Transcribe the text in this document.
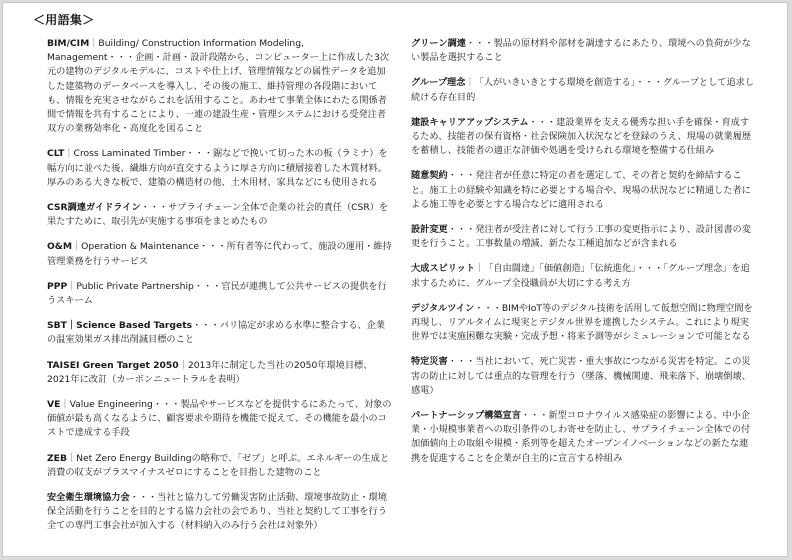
＜用語集＞
BIM/CIM｜Building/ Construction Information Modeling, Management・・・企画・計画・設計段階から、コンピューター上に作成した3次元の建物のデジタルモデルに、コストや仕上げ、管理情報などの属性データを追加した建築物のデータベースを導入し、その後の施工、維持管理の各段階においても、情報を充実させながらこれを活用すること。あわせて事業全体にわたる関係者間で情報を共有することにより、一連の建設生産・管理システムにおける受発注者双方の業務効率化・高度化を図ること
CLT｜Cross Laminated Timber・・・鋸などで挽いて切った木の板（ラミナ）を幅方向に並べた後、繊維方向が直交するように厚さ方向に積層接着した木質材料。厚みのある大きな板で、建築の構造材の他、土木用材、家具などにも使用される
CSR調達ガイドライン・・・サプライチェーン全体で企業の社会的責任（CSR）を果たすために、取引先が実施する事項をまとめたもの
O&M｜Operation & Maintenance・・・所有者等に代わって、施設の運用・維持管理業務を行うサービス
PPP｜Public Private Partnership・・・官民が連携して公共サービスの提供を行うスキーム
SBT｜Science Based Targets・・・パリ協定が求める水準に整合する、企業の温室効果ガス排出削減目標のこと
TAISEI Green Target 2050｜2013年に制定した当社の2050年環境目標、2021年に改訂（カーボンニュートラルを表明）
VE｜Value Engineering・・・製品やサービスなどを提供するにあたって、対象の価値が最も高くなるように、顧客要求や期待を機能で捉えて、その機能を最小のコストで達成する手段
ZEB｜Net Zero Energy Buildingの略称で、「ゼブ」と呼ぶ。エネルギーの生成と消費の収支がプラスマイナスゼロにすることを目指した建物のこと
安全衛生環境協力会・・・当社と協力して労働災害防止活動、環境事故防止・環境保全活動を行うことを目的とする協力会社の会であり、当社と契約して工事を行う全ての専門工事会社が加入する（材料納入のみ行う会社は対象外）
グリーン調達・・・製品の原材料や部材を調達するにあたり、環境への負荷が少ない製品を選択すること
グループ理念｜「人がいきいきとする環境を創造する」・・・グループとして追求し続ける存在目的
建設キャリアアップシステム・・・建設業界を支える優秀な担い手を確保・育成するため、技能者の保有資格・社会保険加入状況などを登録のうえ、現場の就業履歴を蓄積し、技能者の適正な評価や処遇を受けられる環境を整備する仕組み
随意契約・・・発注者が任意に特定の者を選定して、その者と契約を締結すること。施工上の経験や知識を特に必要とする場合や、現場の状況などに精通した者による施工等を必要とする場合などに適用される
設計変更・・・発注者が受注者に対して行う工事の変更指示により、設計図書の変更を行うこと。工事数量の増減、新たな工種追加などが含まれる
大成スピリット｜「自由闊達」「価値創造」「伝統進化」・・・「グループ理念」を追求するために、グループ全役職員が大切にする考え方
デジタルツイン・・・BIMやIoT等のデジタル技術を活用して仮想空間に物理空間を再現し、リアルタイムに現実とデジタル世界を連携したシステム。これにより現実世界では実施困難な実験・完成予想・将来予測等がシミュレーションで可能となる
特定災害・・・当社において、死亡災害・重大事故につながる災害を特定。この災害の防止に対しては重点的な管理を行う（墜落、機械関連、飛来落下、崩壊倒壊、感電）
パートナーシップ構築宣言・・・新型コロナウイルス感染症の影響による、中小企業・小規模事業者への取引条件のしわ寄せを防止し、サプライチェーン全体での付加価値向上の取組や規模・系列等を超えたオープンイノベーションなどの新たな連携を促進することを企業が自主的に宣言する枠組み
